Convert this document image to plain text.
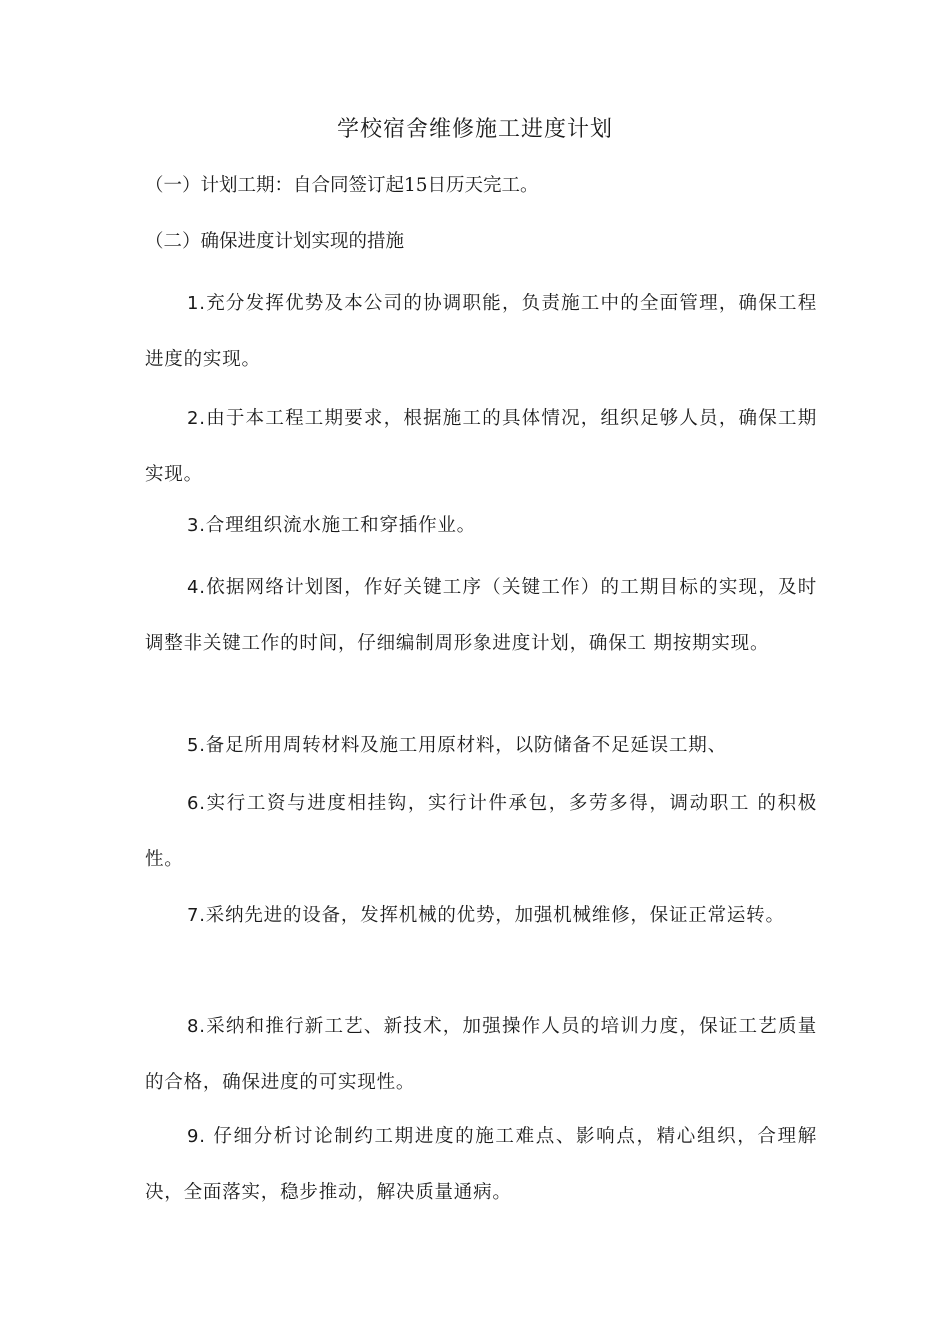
学校宿舍维修施工进度计划

（一）计划工期：自合同签订起15日历天完工。

（二）确保进度计划实现的措施

1.充分发挥优势及本公司的协调职能，负责施工中的全面管理，确保工程进度的实现。

2.由于本工程工期要求，根据施工的具体情况，组织足够人员，确保工期实现。

3.合理组织流水施工和穿插作业。

4.依据网络计划图，作好关键工序（关键工作）的工期目标的实现，及时调整非关键工作的时间，仔细编制周形象进度计划，确保工 期按期实现。

5.备足所用周转材料及施工用原材料，以防储备不足延误工期、

6.实行工资与进度相挂钩，实行计件承包，多劳多得，调动职工 的积极性。

7.采纳先进的设备，发挥机械的优势，加强机械维修，保证正常运转。

8.采纳和推行新工艺、新技术，加强操作人员的培训力度，保证工艺质量的合格，确保进度的可实现性。

9. 仔细分析讨论制约工期进度的施工难点、影响点，精心组织，合理解决，全面落实，稳步推动，解决质量通病。
